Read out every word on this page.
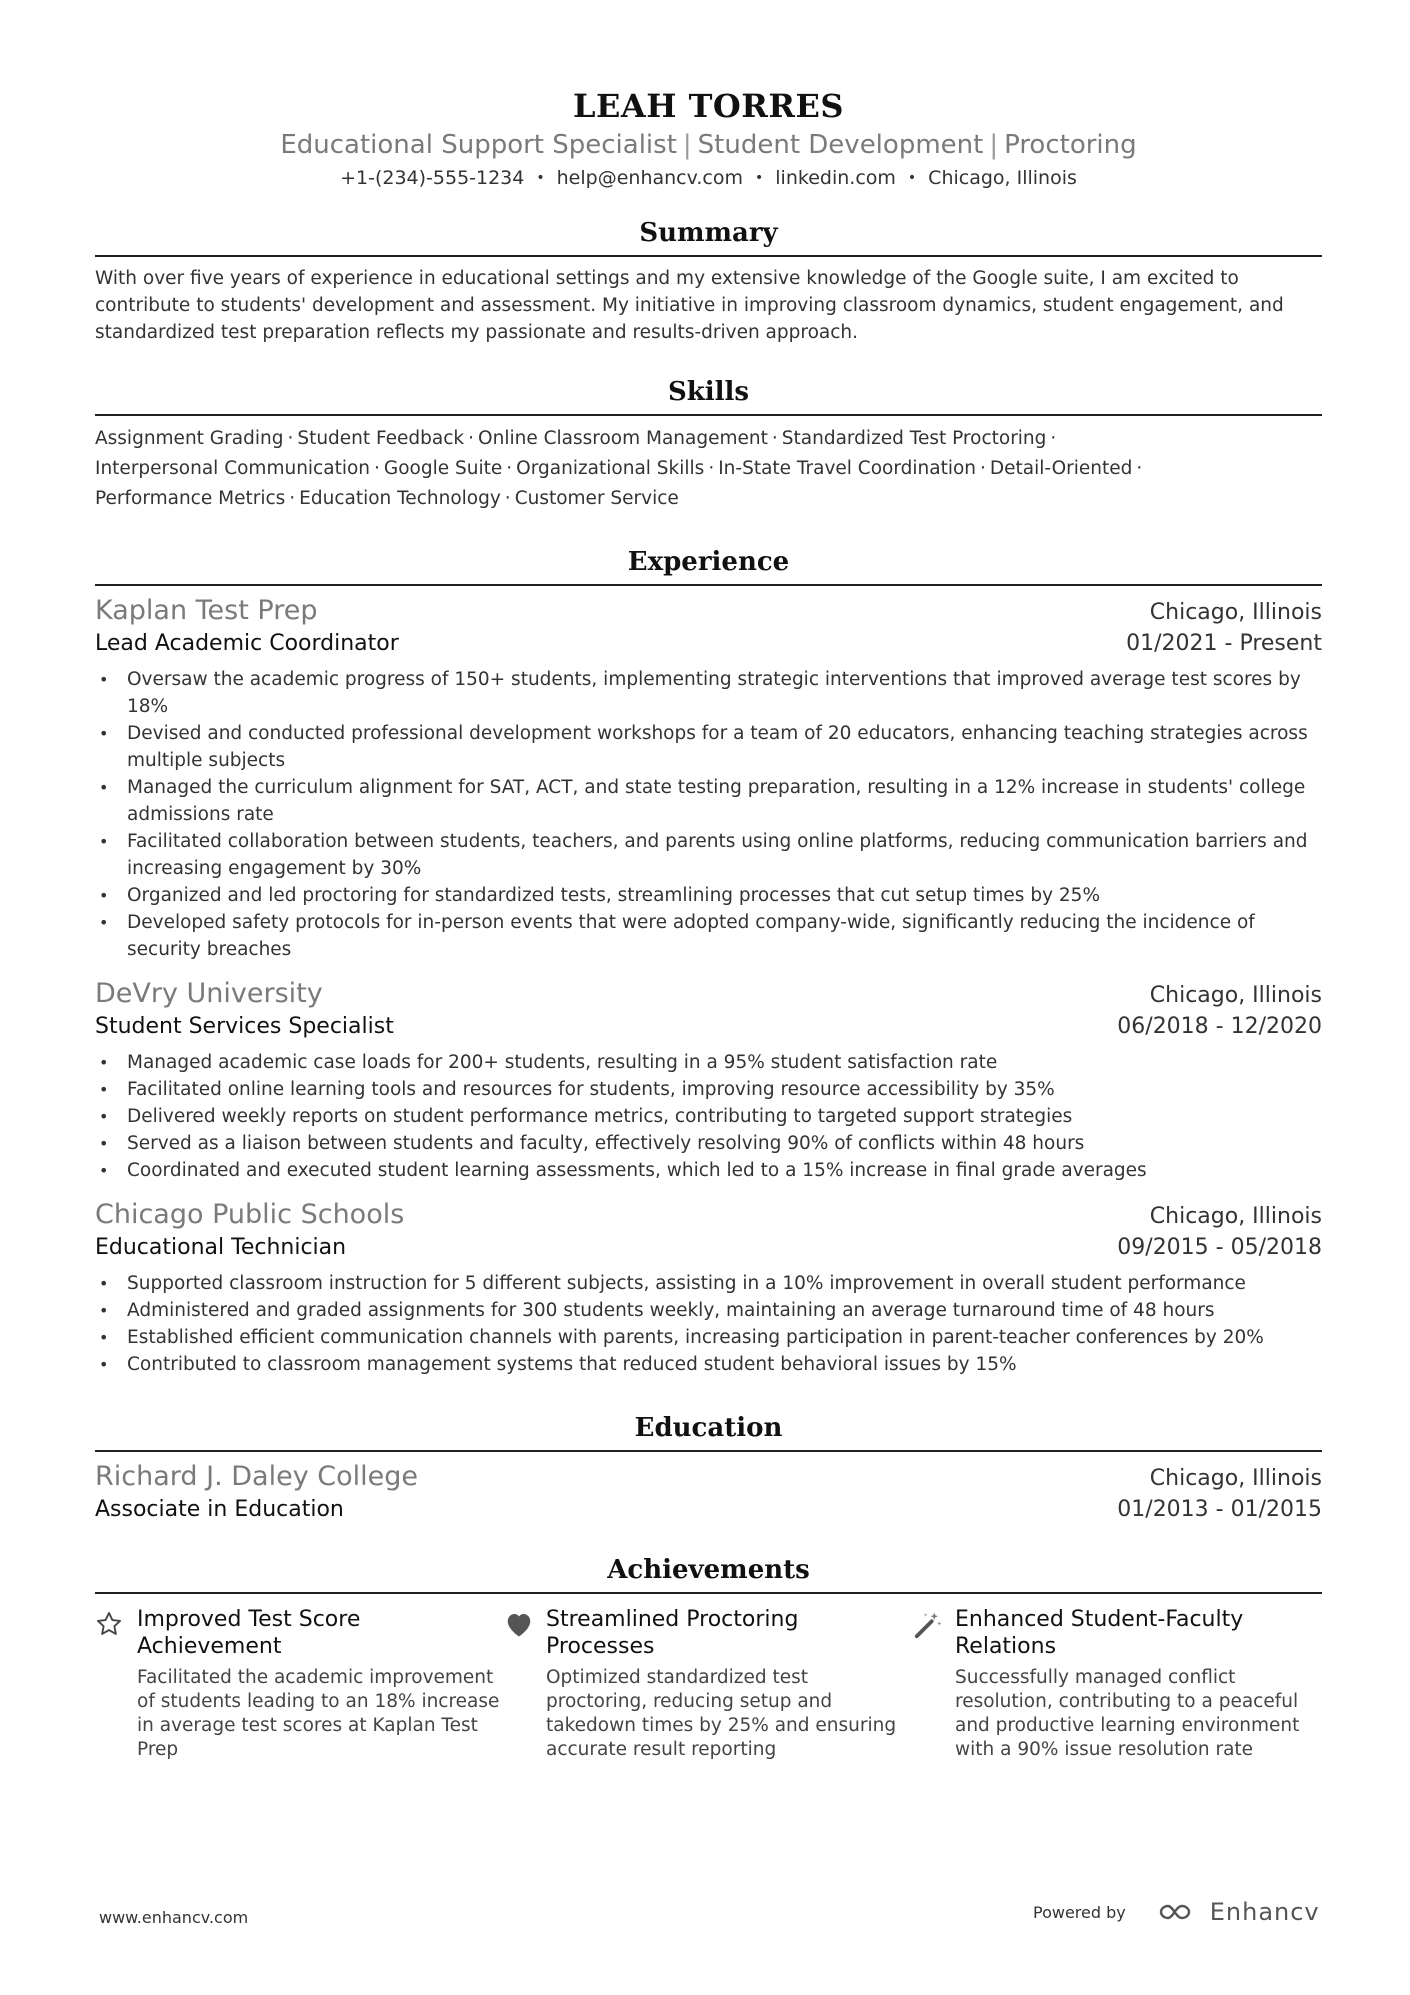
LEAH TORRES
Educational Support Specialist | Student Development | Proctoring
+1-(234)-555-1234 • help@enhancv.com • linkedin.com • Chicago, Illinois
Summary
With over five years of experience in educational settings and my extensive knowledge of the Google suite, I am excited to contribute to students' development and assessment. My initiative in improving classroom dynamics, student engagement, and standardized test preparation reflects my passionate and results-driven approach.
Skills
Assignment Grading · Student Feedback · Online Classroom Management · Standardized Test Proctoring ·
Interpersonal Communication · Google Suite · Organizational Skills · In-State Travel Coordination · Detail-Oriented ·
Performance Metrics · Education Technology · Customer Service
Experience
Kaplan Test Prep	Chicago, Illinois
Lead Academic Coordinator	01/2021 - Present
• Oversaw the academic progress of 150+ students, implementing strategic interventions that improved average test scores by 18%
• Devised and conducted professional development workshops for a team of 20 educators, enhancing teaching strategies across multiple subjects
• Managed the curriculum alignment for SAT, ACT, and state testing preparation, resulting in a 12% increase in students' college admissions rate
• Facilitated collaboration between students, teachers, and parents using online platforms, reducing communication barriers and increasing engagement by 30%
• Organized and led proctoring for standardized tests, streamlining processes that cut setup times by 25%
• Developed safety protocols for in-person events that were adopted company-wide, significantly reducing the incidence of security breaches
DeVry University	Chicago, Illinois
Student Services Specialist	06/2018 - 12/2020
• Managed academic case loads for 200+ students, resulting in a 95% student satisfaction rate
• Facilitated online learning tools and resources for students, improving resource accessibility by 35%
• Delivered weekly reports on student performance metrics, contributing to targeted support strategies
• Served as a liaison between students and faculty, effectively resolving 90% of conflicts within 48 hours
• Coordinated and executed student learning assessments, which led to a 15% increase in final grade averages
Chicago Public Schools	Chicago, Illinois
Educational Technician	09/2015 - 05/2018
• Supported classroom instruction for 5 different subjects, assisting in a 10% improvement in overall student performance
• Administered and graded assignments for 300 students weekly, maintaining an average turnaround time of 48 hours
• Established efficient communication channels with parents, increasing participation in parent-teacher conferences by 20%
• Contributed to classroom management systems that reduced student behavioral issues by 15%
Education
Richard J. Daley College	Chicago, Illinois
Associate in Education	01/2013 - 01/2015
Achievements
Improved Test Score Achievement
Facilitated the academic improvement of students leading to an 18% increase in average test scores at Kaplan Test Prep
Streamlined Proctoring Processes
Optimized standardized test proctoring, reducing setup and takedown times by 25% and ensuring accurate result reporting
Enhanced Student-Faculty Relations
Successfully managed conflict resolution, contributing to a peaceful and productive learning environment with a 90% issue resolution rate
www.enhancv.com	Powered by	Enhancv
